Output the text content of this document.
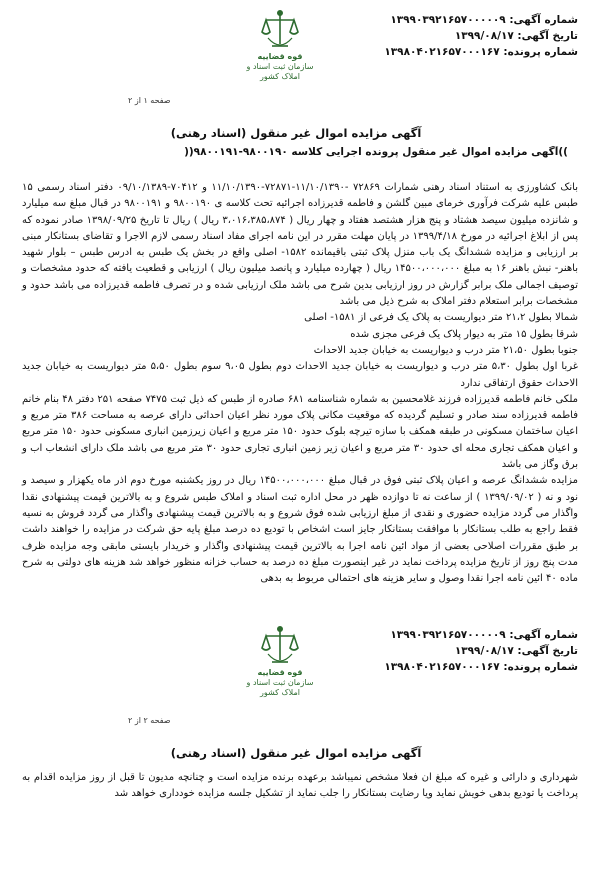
شماره آگهی: ۱۳۹۹۰۳۹۲۱۶۵۷۰۰۰۰۰۹
تاریخ آگهی: ۱۳۹۹/۰۸/۱۷
شماره پرونده: ۱۳۹۸۰۴۰۲۱۶۵۷۰۰۰۱۶۷
قوه قضاییه
سازمان ثبت اسناد و املاک کشور
صفحه ۱ از ۲
آگهی مزایده اموال غیر منقول (اسناد رهنی)
))آگهی مزایده اموال غیر منقول پرونده اجرایی کلاسه ۹۸۰۰۱۹۰-۹۸۰۰۱۹۱((

بانک کشاورزی به استناد اسناد رهنی شمارات ۷۲۸۶۹ -۱۱/۱۰/۱۳۹۰-۷۲۸۷۱-۱۱/۱۰/۱۳۹۰ و ۷۰۴۱۲-۰۹/۱۰/۱۳۸۹ دفتر اسناد رسمی ۱۵ طبس علیه شرکت فرآوری خرمای مبین گلشن و فاطمه قدیرزاده اجرائیه تحت کلاسه ی ۹۸۰۰۱۹۰ و ۹۸۰۰۱۹۱ در قبال مبلغ سه میلیارد و شانزده میلیون سیصد هشتاد و پنج هزار هشتصد هفتاد و چهار ریال ( ۳،۰۱۶،۳۸۵،۸۷۴ ریال ) ریال تا تاریخ ۱۳۹۸/۰۹/۲۵ صادر نموده که پس از ابلاغ اجرائیه در مورخ ۱۳۹۹/۴/۱۸ در پایان مهلت مقرر در این نامه اجرای مفاد اسناد رسمی لازم الاجرا و تقاضای بستانکار مبنی بر ارزیابی و مزایده ششدانگ یک باب منزل پلاک ثبتی باقیمانده ۱۵۸۲- اصلی واقع در بخش یک طبس به ادرس طبس – بلوار شهید باهنر- نبش باهنر ۱۶ به مبلغ ۱۴۵۰۰،۰۰۰،۰۰۰ ریال ( چهارده میلیارد و پانصد میلیون ریال ) ارزیابی و قطعیت یافته که حدود مشخصات و توصیف اجمالی ملک برابر گزارش در روز ارزیابی بدین شرح می باشد ملک ارزیابی شده و در تصرف فاطمه قدیرزاده می باشد حدود و مشخصات برابر استعلام دفتر املاک به شرح ذیل می باشد

شمالا بطول ۲۱،۲ متر دیواریست به پلاک یک فرعی از ۱۵۸۱- اصلی
شرقا بطول ۱۵ متر به دیوار پلاک یک فرعی مجزی شده
جنوبا بطول ۲۱،۵۰ متر درب و دیواریست به خیابان جدید الاحداث
غربا اول بطول ۵،۳۰ متر درب و دیواریست به خیابان جدید الاحداث دوم بطول ۹،۰۵ سوم بطول ۵،۵۰ متر دیواریست به خیابان جدید الاحداث حقوق ارتفاقی ندارد

ملکی خانم فاطمه قدیرزاده فرزند غلامحسین به شماره شناسنامه ۶۸۱ صادره از طبس که ذیل ثبت ۷۴۷۵ صفحه ۲۵۱ دفتر ۴۸ بنام خانم فاطمه قدیرزاده سند صادر و تسلیم گردیده که موقعیت مکانی پلاک مورد نظر اعیان احداثی دارای عرصه به مساحت ۳۸۶ متر مربع و اعیان ساختمان مسکونی در طبقه همکف با سازه تیرچه بلوک حدود ۱۵۰ متر مربع و اعیان زیرزمین انباری مسکونی حدود ۱۵۰ متر مربع و اعیان همکف تجاری محله ای حدود ۳۰ متر مربع و اعیان زیر زمین انباری تجاری حدود ۳۰ متر مربع می باشد ملک دارای انشعاب اب و برق وگاز می باشد

مزایده ششدانگ عرصه و اعیان پلاک ثبتی فوق در قبال مبلغ ۱۴۵۰۰،۰۰۰،۰۰۰ ریال در روز یکشنبه مورخ دوم اذر ماه یکهزار و سیصد و نود و نه ( ۱۳۹۹/۰۹/۰۲ ) از ساعت نه تا دوازده ظهر در محل اداره ثبت اسناد و املاک طبس شروع و به بالاترین قیمت پیشنهادی نقدا واگذار می گردد مزایده حضوری و نقدی از مبلغ ارزیابی شده فوق شروع و به بالاترین قیمت پیشنهادی واگذار می گردد فروش به نسیه فقط راجع به طلب بستانکار با موافقت بستانکار جایز است اشخاص با تودیع ده درصد مبلغ پایه حق شرکت در مزایده را خواهند داشت بر طبق مقررات اصلاحی بعضی از مواد ائین نامه اجرا به بالاترین قیمت پیشنهادی واگذار و خریدار بایستی مابقی وجه مزایده ظرف مدت پنج روز از تاریخ مزایده پرداخت نماید در غیر اینصورت مبلغ ده درصد به حساب خزانه منظور خواهد شد هزینه های دولتی به شرح ماده ۴۰ ائین نامه اجرا نقدا وصول و سایر هزینه های احتمالی مربوط به بدهی

شماره آگهی: ۱۳۹۹۰۳۹۲۱۶۵۷۰۰۰۰۰۹
تاریخ آگهی: ۱۳۹۹/۰۸/۱۷
شماره پرونده: ۱۳۹۸۰۴۰۲۱۶۵۷۰۰۰۱۶۷
قوه قضاییه
سازمان ثبت اسناد و املاک کشور
صفحه ۲ از ۲
آگهی مزایده اموال غیر منقول (اسناد رهنی)

شهرداری و دارائی و غیره که مبلغ ان فعلا مشخص نمیباشد برعهده برنده مزایده است و چنانچه مدیون تا قبل از روز مزایده اقدام به پرداخت یا تودیع بدهی خویش نماید ویا رضایت بستانکار را جلب نماید از تشکیل جلسه مزایده خودداری خواهد شد
